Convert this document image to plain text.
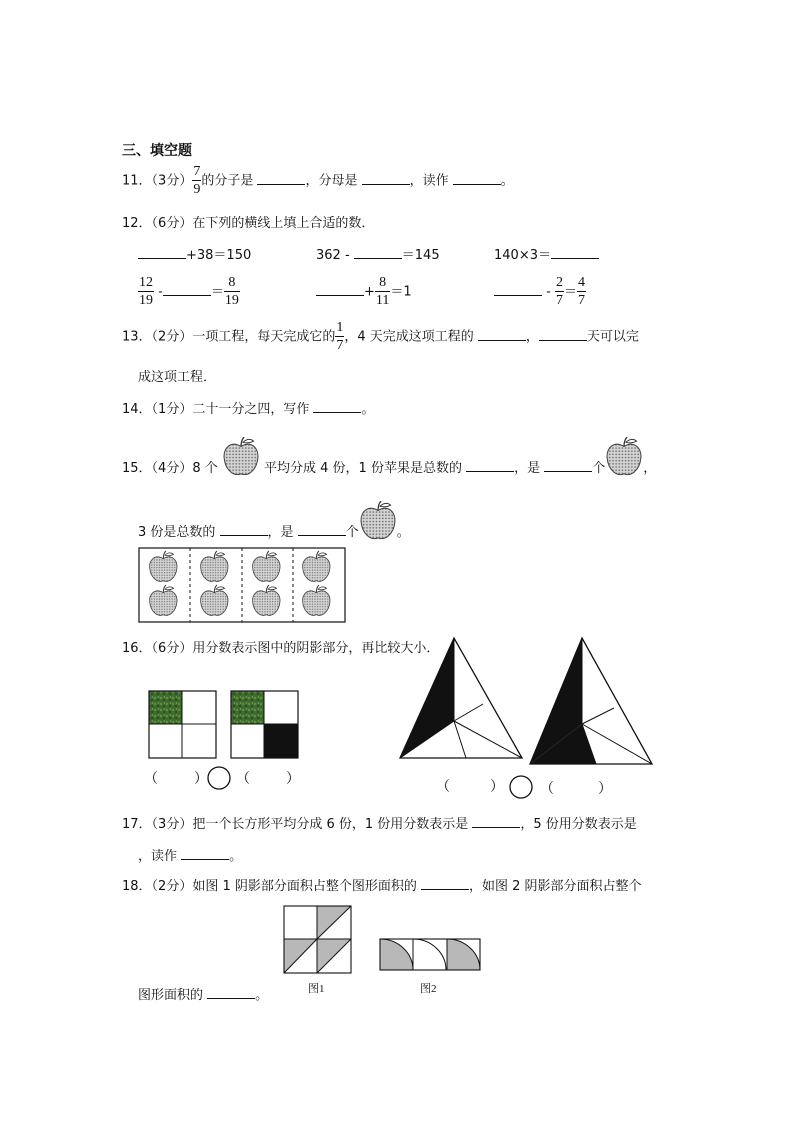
三、填空题
11．（3分） $\frac{7}{9}$ 的分子是	，分母是	，读作	。
12．（6分）在下列的横线上填上合适的数．
+38＝150	362 -	＝145	140×3＝
$\frac{12}{19}$ -	＝ $\frac{8}{19}$	+ $\frac{8}{11} =1$	- $\frac{2}{7} = \frac{4}{7}$
13．（2分）一项工程，每天完成它的 $\frac{1}{7}$ ，4 天完成这项工程的	，	天可以完
成这项工程．
14．（1分）二十一分之四，写作	。
15．（4分）8 个	平均分成 4 份，1 份苹果是总数的	，是	个	，
3 份是总数的	，是	个	。
16．（6分）用分数表示图中的阴影部分，再比较大小．
（	） （	）	（	）	（	）
17．（3分）把一个长方形平均分成 6 份，1 份用分数表示是	，5 份用分数表示是
，读作	。
18．（2分）如图 1 阴影部分面积占整个图形面积的	，如图 2 阴影部分面积占整个
图1	图2
图形面积的	。
